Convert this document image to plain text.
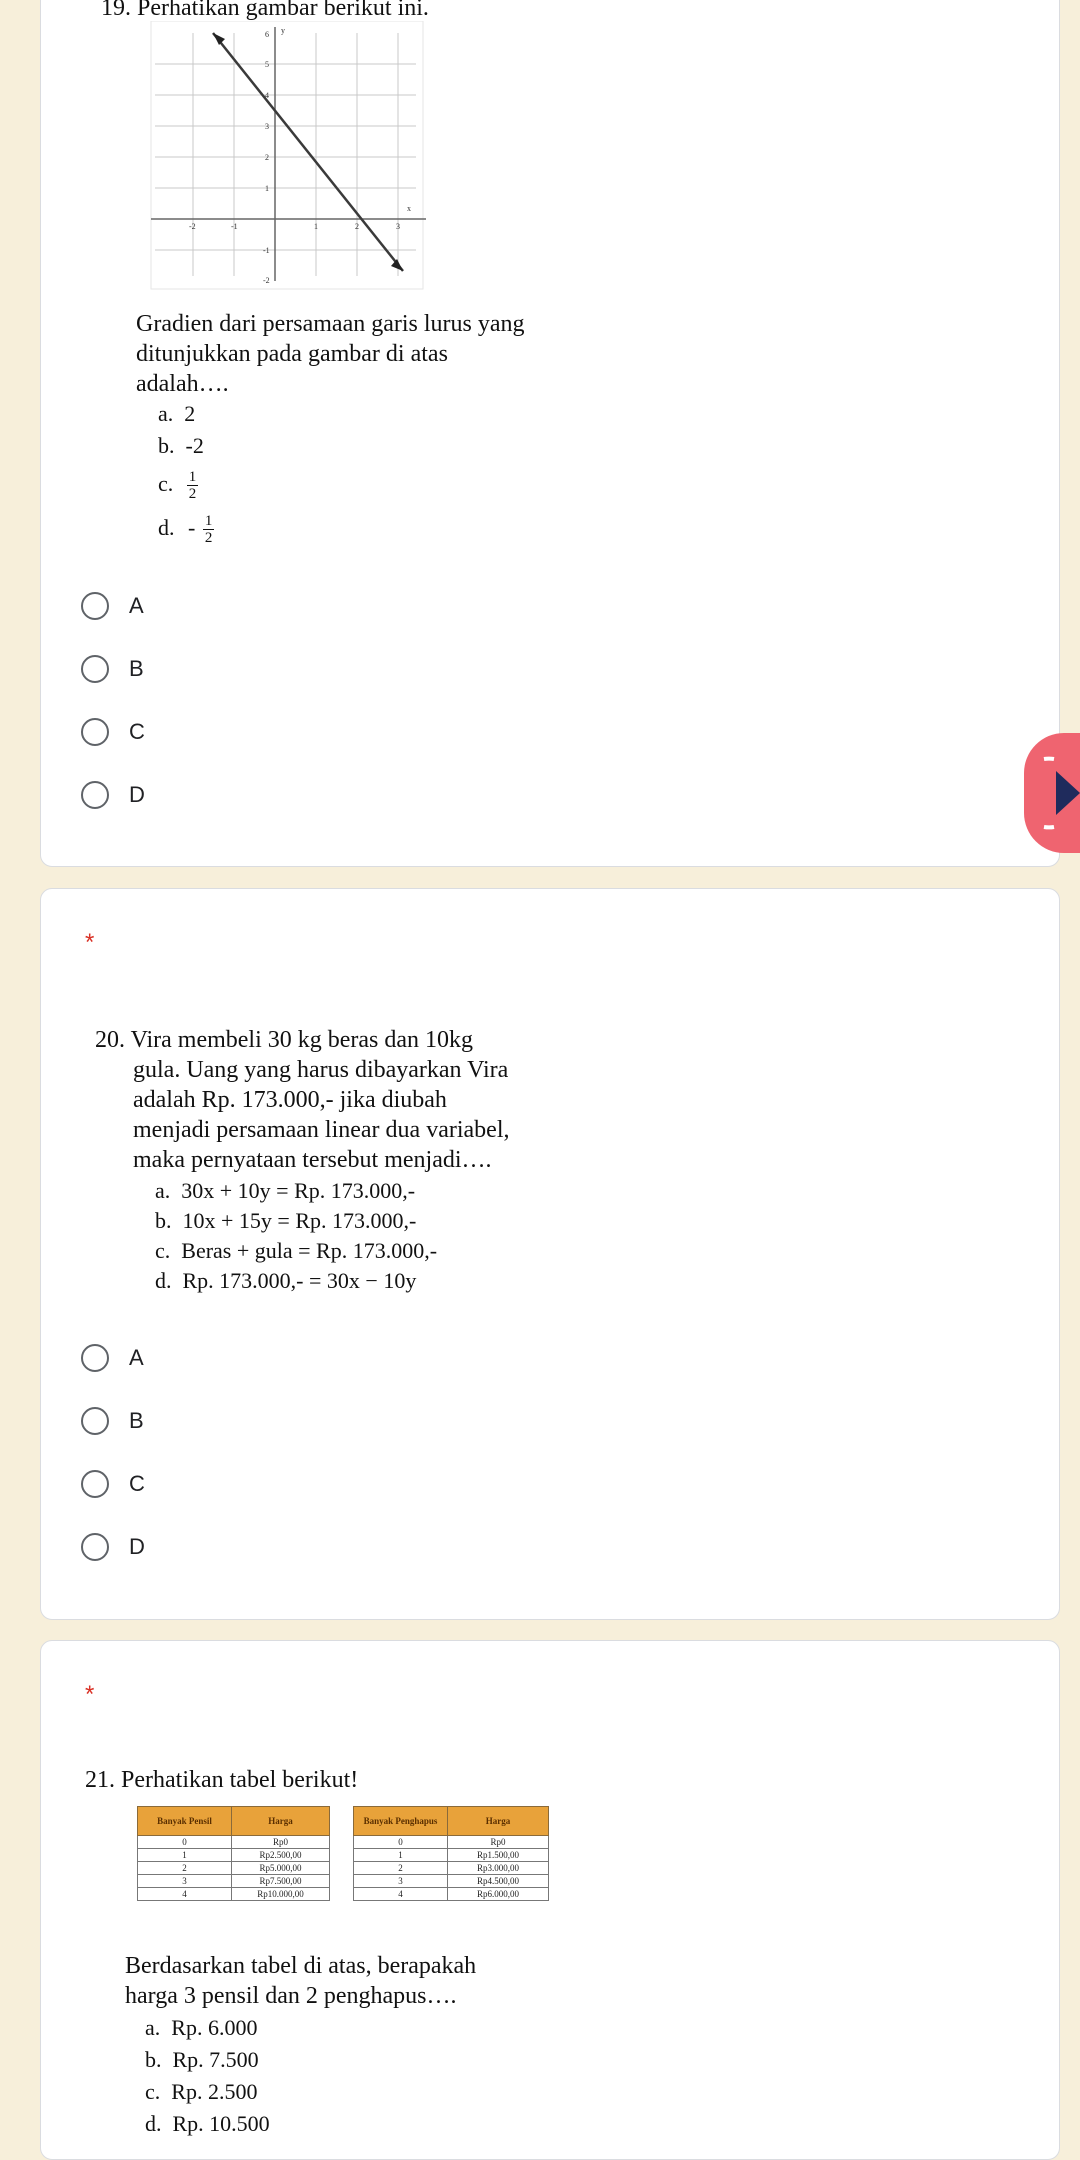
19. Perhatikan gambar berikut ini.
y
x
-2	-1	1	2	3
6
5
4
3
2
1
-1
-2
Gradien dari persamaan garis lurus yang
ditunjukkan pada gambar di atas
adalah….
a. 2
b. -2
c. $\frac{1}{2}$
d. - $\frac{1}{2}$
A
B
C
D
*
20. Vira membeli 30 kg beras dan 10kg
gula. Uang yang harus dibayarkan Vira
adalah Rp. 173.000,- jika diubah
menjadi persamaan linear dua variabel,
maka pernyataan tersebut menjadi….
a. 30x + 10y = Rp. 173.000,-
b. 10x + 15y = Rp. 173.000,-
c. Beras + gula = Rp. 173.000,-
d. Rp. 173.000,- = 30x − 10y
A
B
C
D
*
21. Perhatikan tabel berikut!
Banyak Pensil	Harga
0	Rp0
1	Rp2.500,00
2	Rp5.000,00
3	Rp7.500,00
4	Rp10.000,00
Banyak Penghapus	Harga
0	Rp0
1	Rp1.500,00
2	Rp3.000,00
3	Rp4.500,00
4	Rp6.000,00
Berdasarkan tabel di atas, berapakah
harga 3 pensil dan 2 penghapus….
a. Rp. 6.000
b. Rp. 7.500
c. Rp. 2.500
d. Rp. 10.500
